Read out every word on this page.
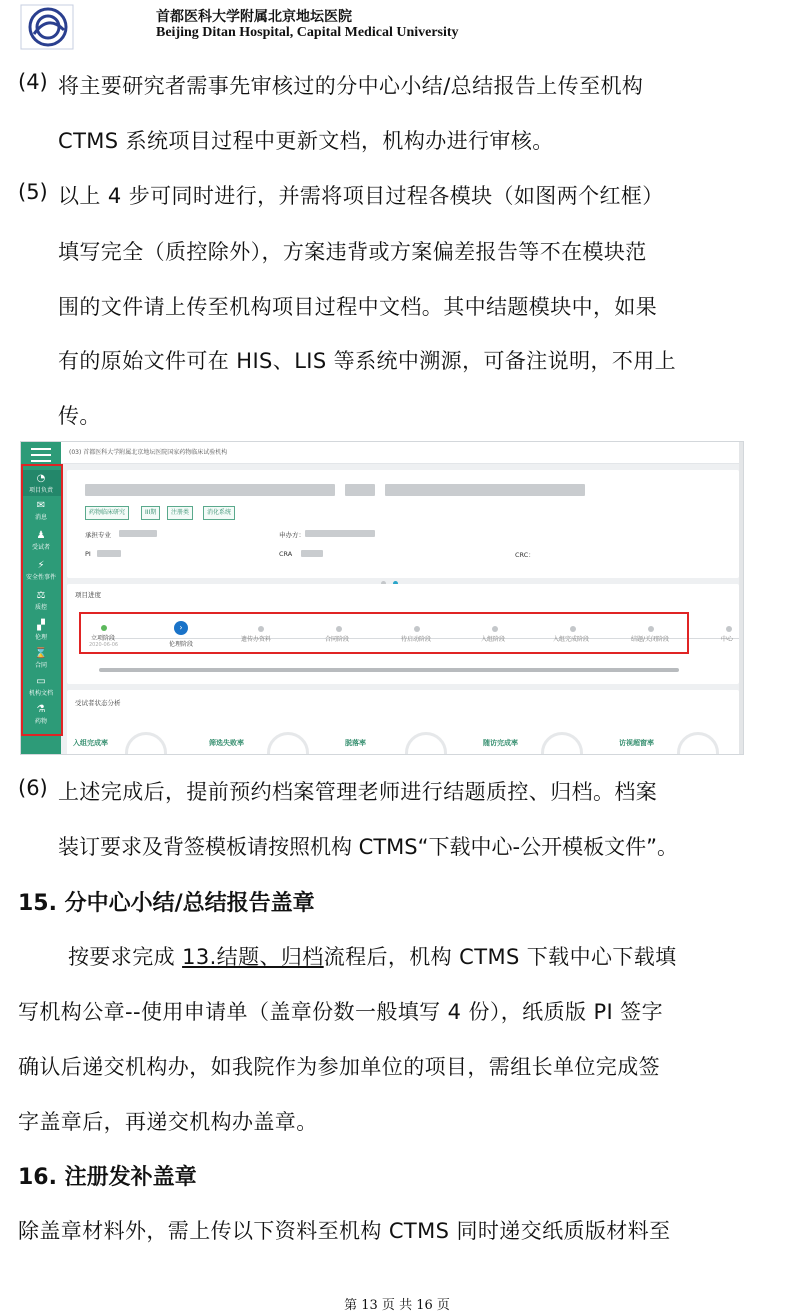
首都医科大学附属北京地坛医院
Beijing Ditan Hospital, Capital Medical University
(4) 将主要研究者需事先审核过的分中心小结/总结报告上传至机构
CTMS 系统项目过程中更新文档，机构办进行审核。
(5) 以上 4 步可同时进行，并需将项目过程各模块（如图两个红框）
填写完全（质控除外），方案违背或方案偏差报告等不在模块范
围的文件请上传至机构项目过程中文档。其中结题模块中，如果
有的原始文件可在 HIS、LIS 等系统中溯源，可备注说明，不用上
传。
◔
项目负责
✉
消息
♟
受试者
⚡
安全性事件
⚖
质控
▞
伦理
⌛
合同
▭
机构文档
⚗
药物
(03) 首都医科大学附属北京地坛医院国家药物临床试验机构
药物临床研究	III期	注册类	消化系统
承担专业	申办方：
PI	CRA	CRC：
项目进度
立项阶段
2020-06-06
›
伦理阶段
遗传办资料	合同阶段	待启动阶段	入组阶段	入组完成阶段	结题/关闭阶段	中心
受试者状态分析
入组完成率	筛选失败率	脱落率	随访完成率	访视超窗率
(6) 上述完成后，提前预约档案管理老师进行结题质控、归档。档案
装订要求及背签模板请按照机构 CTMS“下载中心-公开模板文件”。
15. 分中心小结/总结报告盖章
按要求完成 13.结题、归档流程后，机构 CTMS 下载中心下载填
写机构公章--使用申请单（盖章份数一般填写 4 份），纸质版 PI 签字
确认后递交机构办，如我院作为参加单位的项目，需组长单位完成签
字盖章后，再递交机构办盖章。
16. 注册发补盖章
除盖章材料外，需上传以下资料至机构 CTMS 同时递交纸质版材料至
第 13 页 共 16 页
